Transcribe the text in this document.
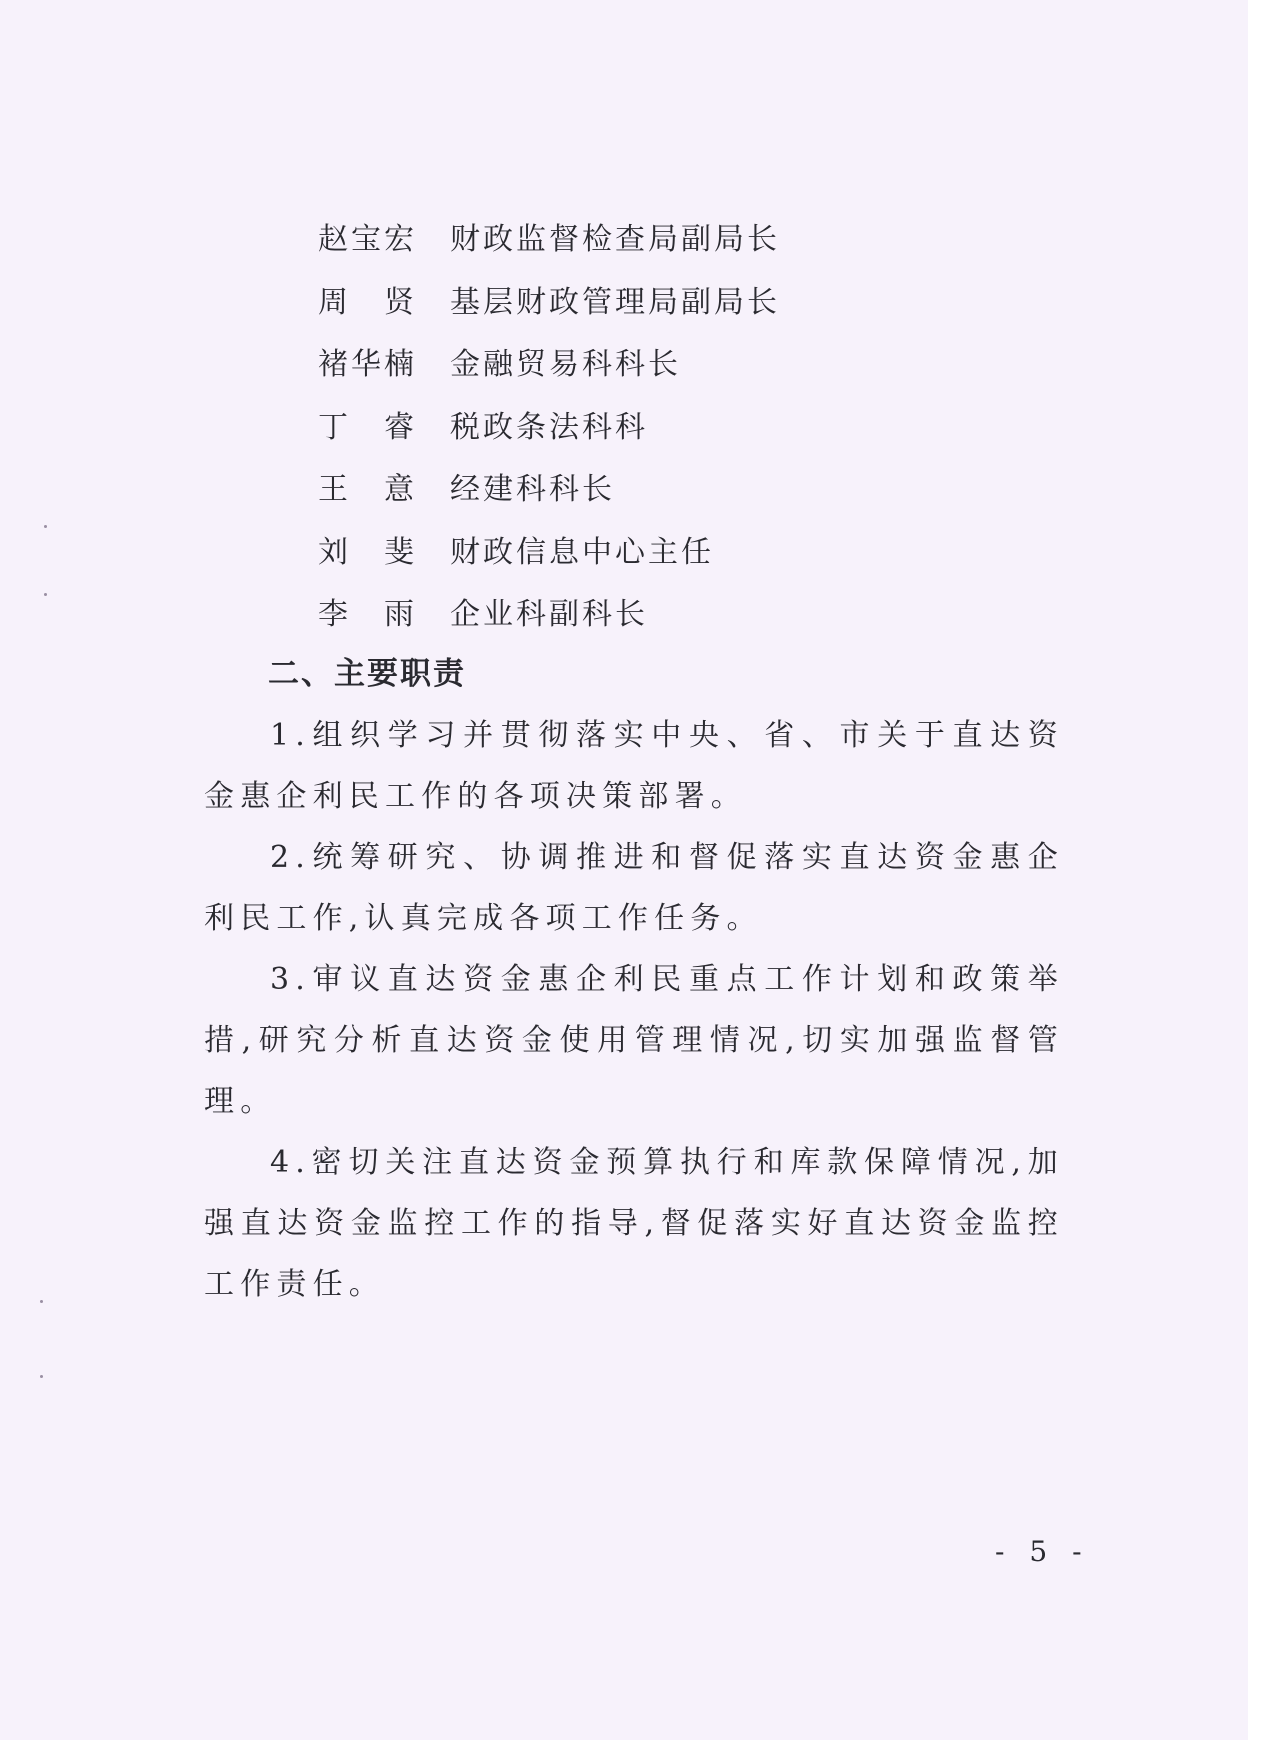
赵宝宏	财政监督检查局副局长
周 贤	基层财政管理局副局长
褚华楠	金融贸易科科长
丁 睿	税政条法科科
王 意	经建科科长
刘 斐	财政信息中心主任
李 雨	企业科副科长
二、主要职责

1.组织学习并贯彻落实中央、省、市关于直达资金惠企利民工作的各项决策部署。

2.统筹研究、协调推进和督促落实直达资金惠企利民工作,认真完成各项工作任务。

3.审议直达资金惠企利民重点工作计划和政策举措,研究分析直达资金使用管理情况,切实加强监督管理。

4.密切关注直达资金预算执行和库款保障情况,加强直达资金监控工作的指导,督促落实好直达资金监控工作责任。

- 5 -
